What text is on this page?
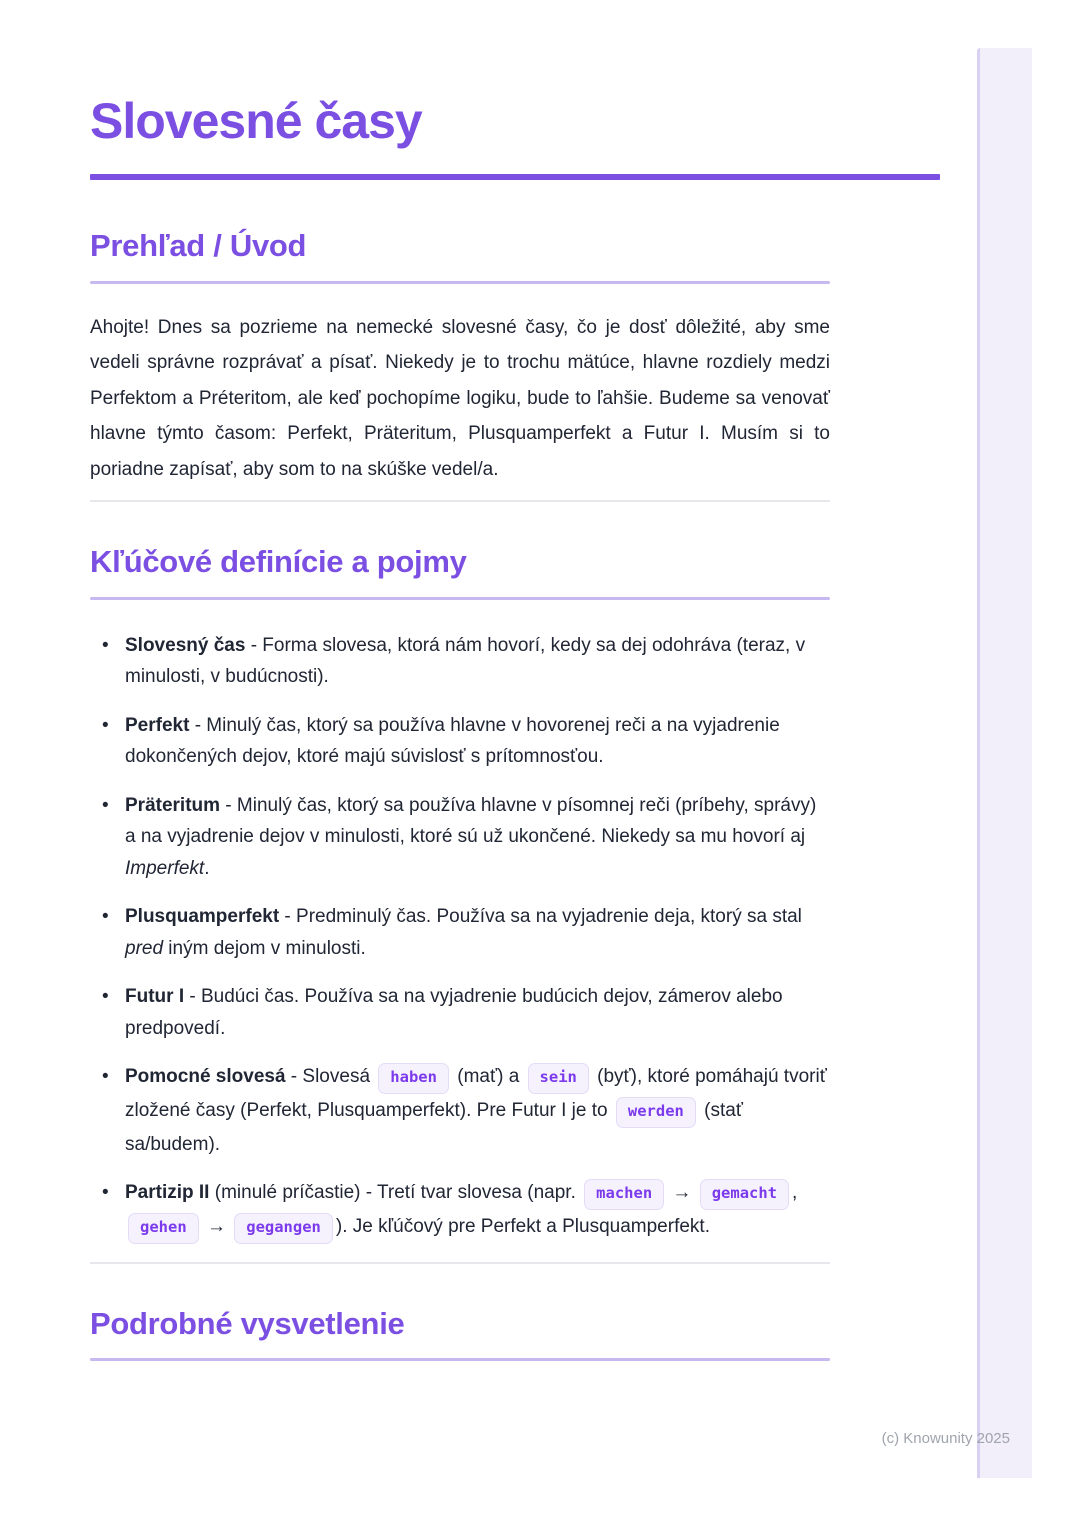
Slovesné časy
Prehľad / Úvod

Ahojte! Dnes sa pozrieme na nemecké slovesné časy, čo je dosť dôležité, aby sme vedeli správne rozprávať a písať. Niekedy je to trochu mätúce, hlavne rozdiely medzi Perfektom a Préteritom, ale keď pochopíme logiku, bude to ľahšie. Budeme sa venovať hlavne týmto časom: Perfekt, Präteritum, Plusquamperfekt a Futur I. Musím si to poriadne zapísať, aby som to na skúške vedel/a.

Kľúčové definície a pojmy
• Slovesný čas - Forma slovesa, ktorá nám hovorí, kedy sa dej odohráva (teraz, v minulosti, v budúcnosti).
• Perfekt - Minulý čas, ktorý sa používa hlavne v hovorenej reči a na vyjadrenie dokončených dejov, ktoré majú súvislosť s prítomnosťou.
• Präteritum - Minulý čas, ktorý sa používa hlavne v písomnej reči (príbehy, správy) a na vyjadrenie dejov v minulosti, ktoré sú už ukončené. Niekedy sa mu hovorí aj Imperfekt.
• Plusquamperfekt - Predminulý čas. Používa sa na vyjadrenie deja, ktorý sa stal pred iným dejom v minulosti.
• Futur I - Budúci čas. Používa sa na vyjadrenie budúcich dejov, zámerov alebo predpovedí.
• Pomocné slovesá - Slovesá haben (mať) a sein (byť), ktoré pomáhajú tvoriť zložené časy (Perfekt, Plusquamperfekt). Pre Futur I je to werden (stať sa/budem).
• Partizip II (minulé príčastie) - Tretí tvar slovesa (napr. machen → gemacht , gehen → gegangen ). Je kľúčový pre Perfekt a Plusquamperfekt.
Podrobné vysvetlenie
(c) Knowunity 2025
